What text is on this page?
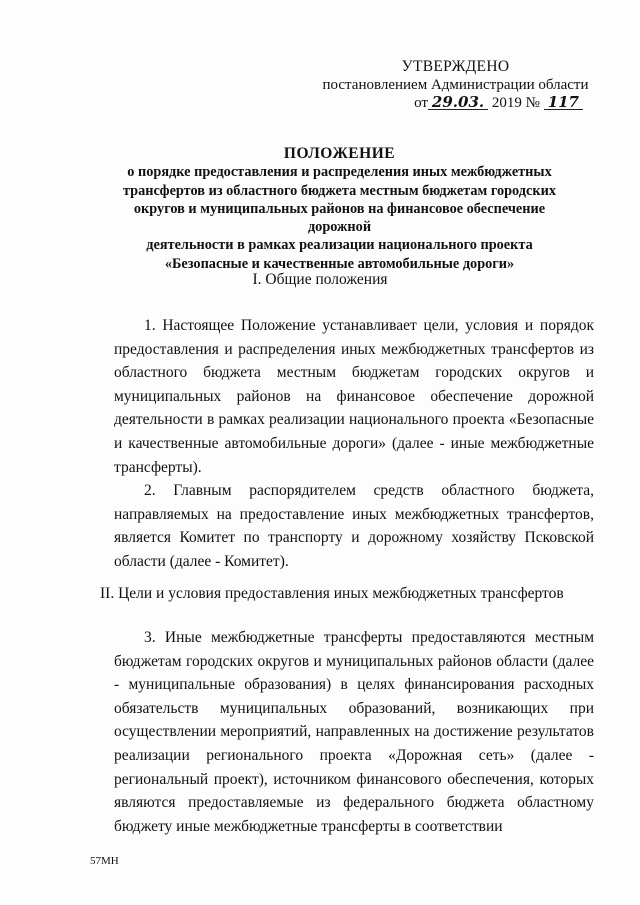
УТВЕРЖДЕНО
постановлением Администрации области
от 29.03. 2019 № 117
ПОЛОЖЕНИЕ
о порядке предоставления и распределения иных межбюджетных
трансфертов из областного бюджета местным бюджетам городских
округов и муниципальных районов на финансовое обеспечение дорожной
деятельности в рамках реализации национального проекта
«Безопасные и качественные автомобильные дороги»
I. Общие положения

1. Настоящее Положение устанавливает цели, условия и порядок предоставления и распределения иных межбюджетных трансфертов из областного бюджета местным бюджетам городских округов и муниципальных районов на финансовое обеспечение дорожной деятельности в рамках реализации национального проекта «Безопасные и качественные автомобильные дороги» (далее - иные межбюджетные трансферты).

2. Главным распорядителем средств областного бюджета, направляемых на предоставление иных межбюджетных трансфертов, является Комитет по транспорту и дорожному хозяйству Псковской области (далее - Комитет).

II. Цели и условия предоставления иных межбюджетных трансфертов

3. Иные межбюджетные трансферты предоставляются местным бюджетам городских округов и муниципальных районов области (далее - муниципальные образования) в целях финансирования расходных обязательств муниципальных образований, возникающих при осуществлении мероприятий, направленных на достижение результатов реализации регионального проекта «Дорожная сеть» (далее - региональный проект), источником финансового обеспечения, которых являются предоставляемые из федерального бюджета областному бюджету иные межбюджетные трансферты в соответствии

57МН
